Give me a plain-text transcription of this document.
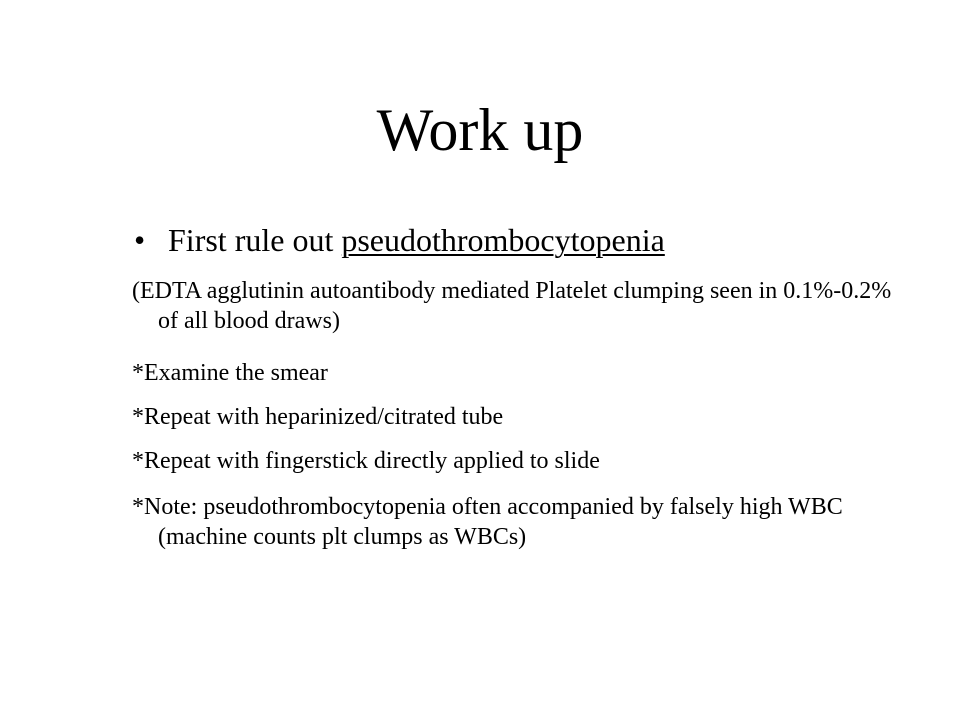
Work up
• First rule out pseudothrombocytopenia

(EDTA agglutinin autoantibody mediated Platelet clumping seen in 0.1%-0.2% of all blood draws)

*Examine the smear

*Repeat with heparinized/citrated tube

*Repeat with fingerstick directly applied to slide

*Note: pseudothrombocytopenia often accompanied by falsely high WBC (machine counts plt clumps as WBCs)
